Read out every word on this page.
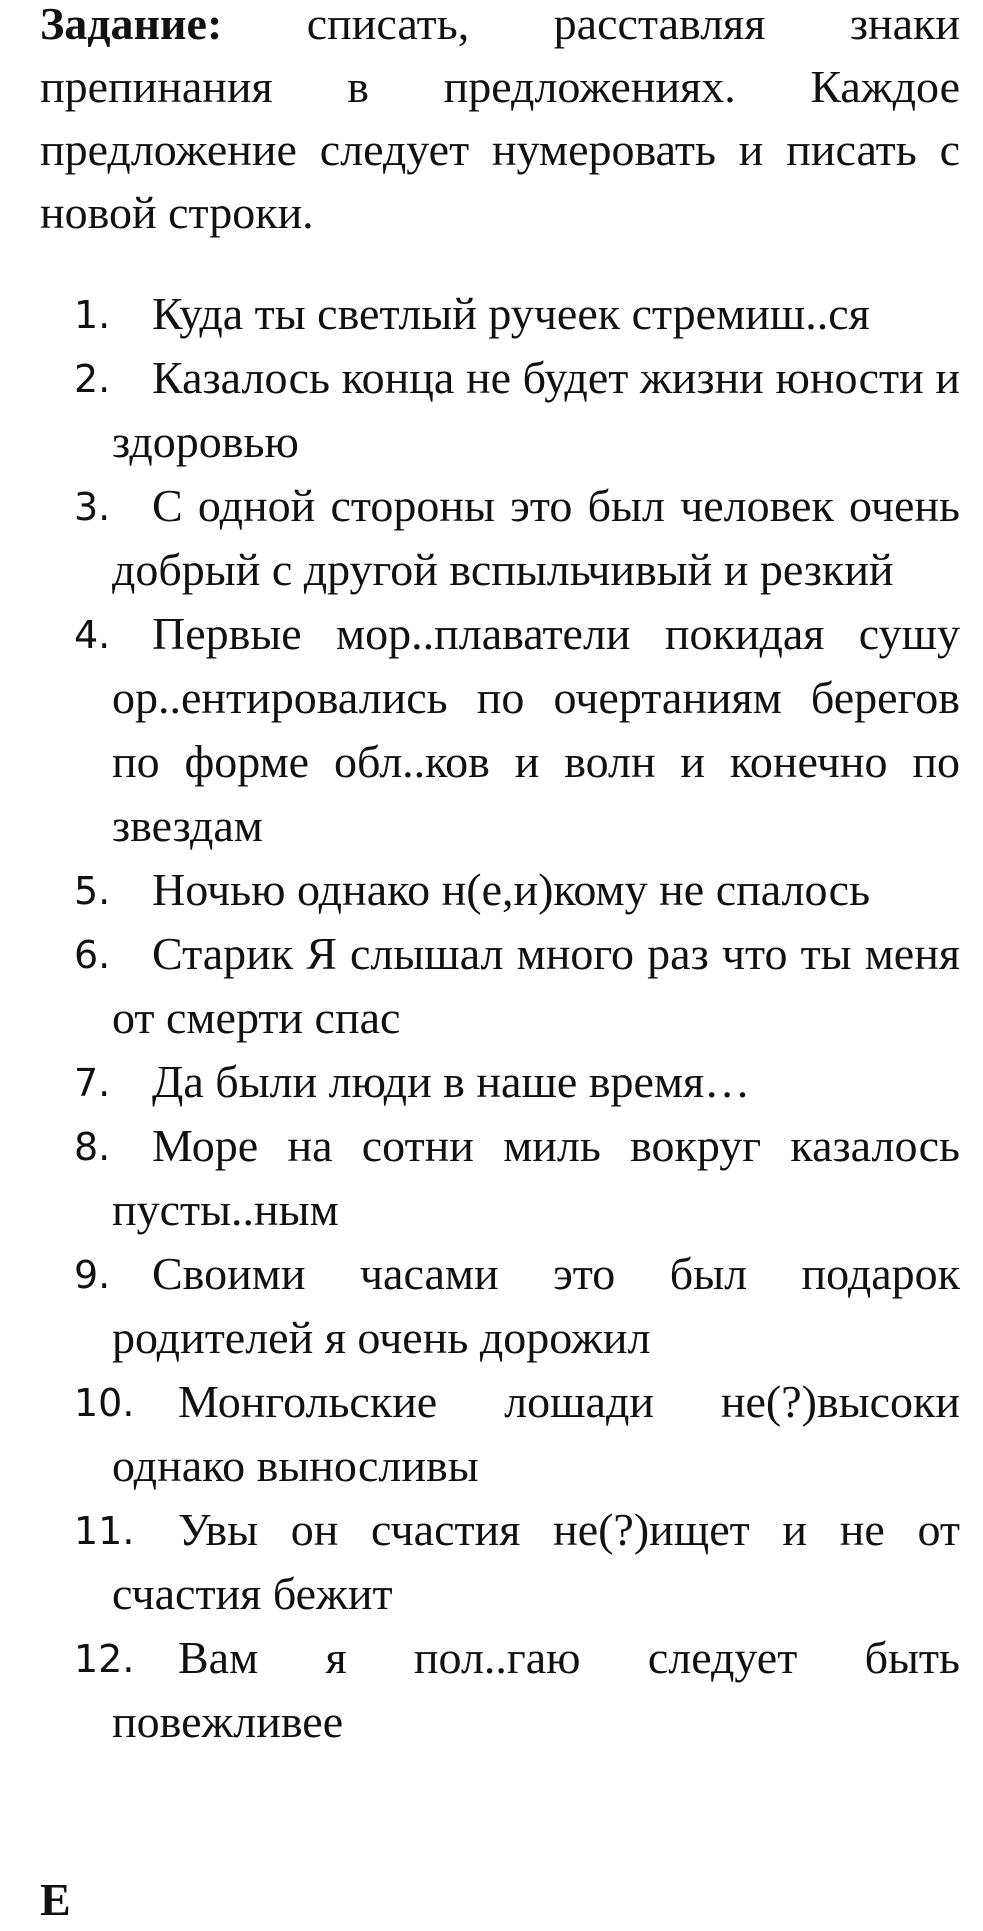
Задание: списать, расставляя знаки препинания в предложениях. Каждое предложение следует нумеровать и писать с новой строки.

1. Куда ты светлый ручеек стремиш..ся
2. Казалось конца не будет жизни юности и здоровью
3. С одной стороны это был человек очень добрый с другой вспыльчивый и резкий
4. Первые мор..плаватели покидая сушу ор..ентировались по очертаниям берегов по форме обл..ков и волн и конечно по звездам
5. Ночью однако н(е,и)кому не спалось
6. Старик Я слышал много раз что ты меня от смерти спас
7. Да были люди в наше время…
8. Море на сотни миль вокруг казалось пусты..ным
9. Своими часами это был подарок родителей я очень дорожил
10. Монгольские лошади не(?)высоки однако выносливы
11. Увы он счастия не(?)ищет и не от счастия бежит
12. Вам я пол..гаю следует быть повежливее
Е
